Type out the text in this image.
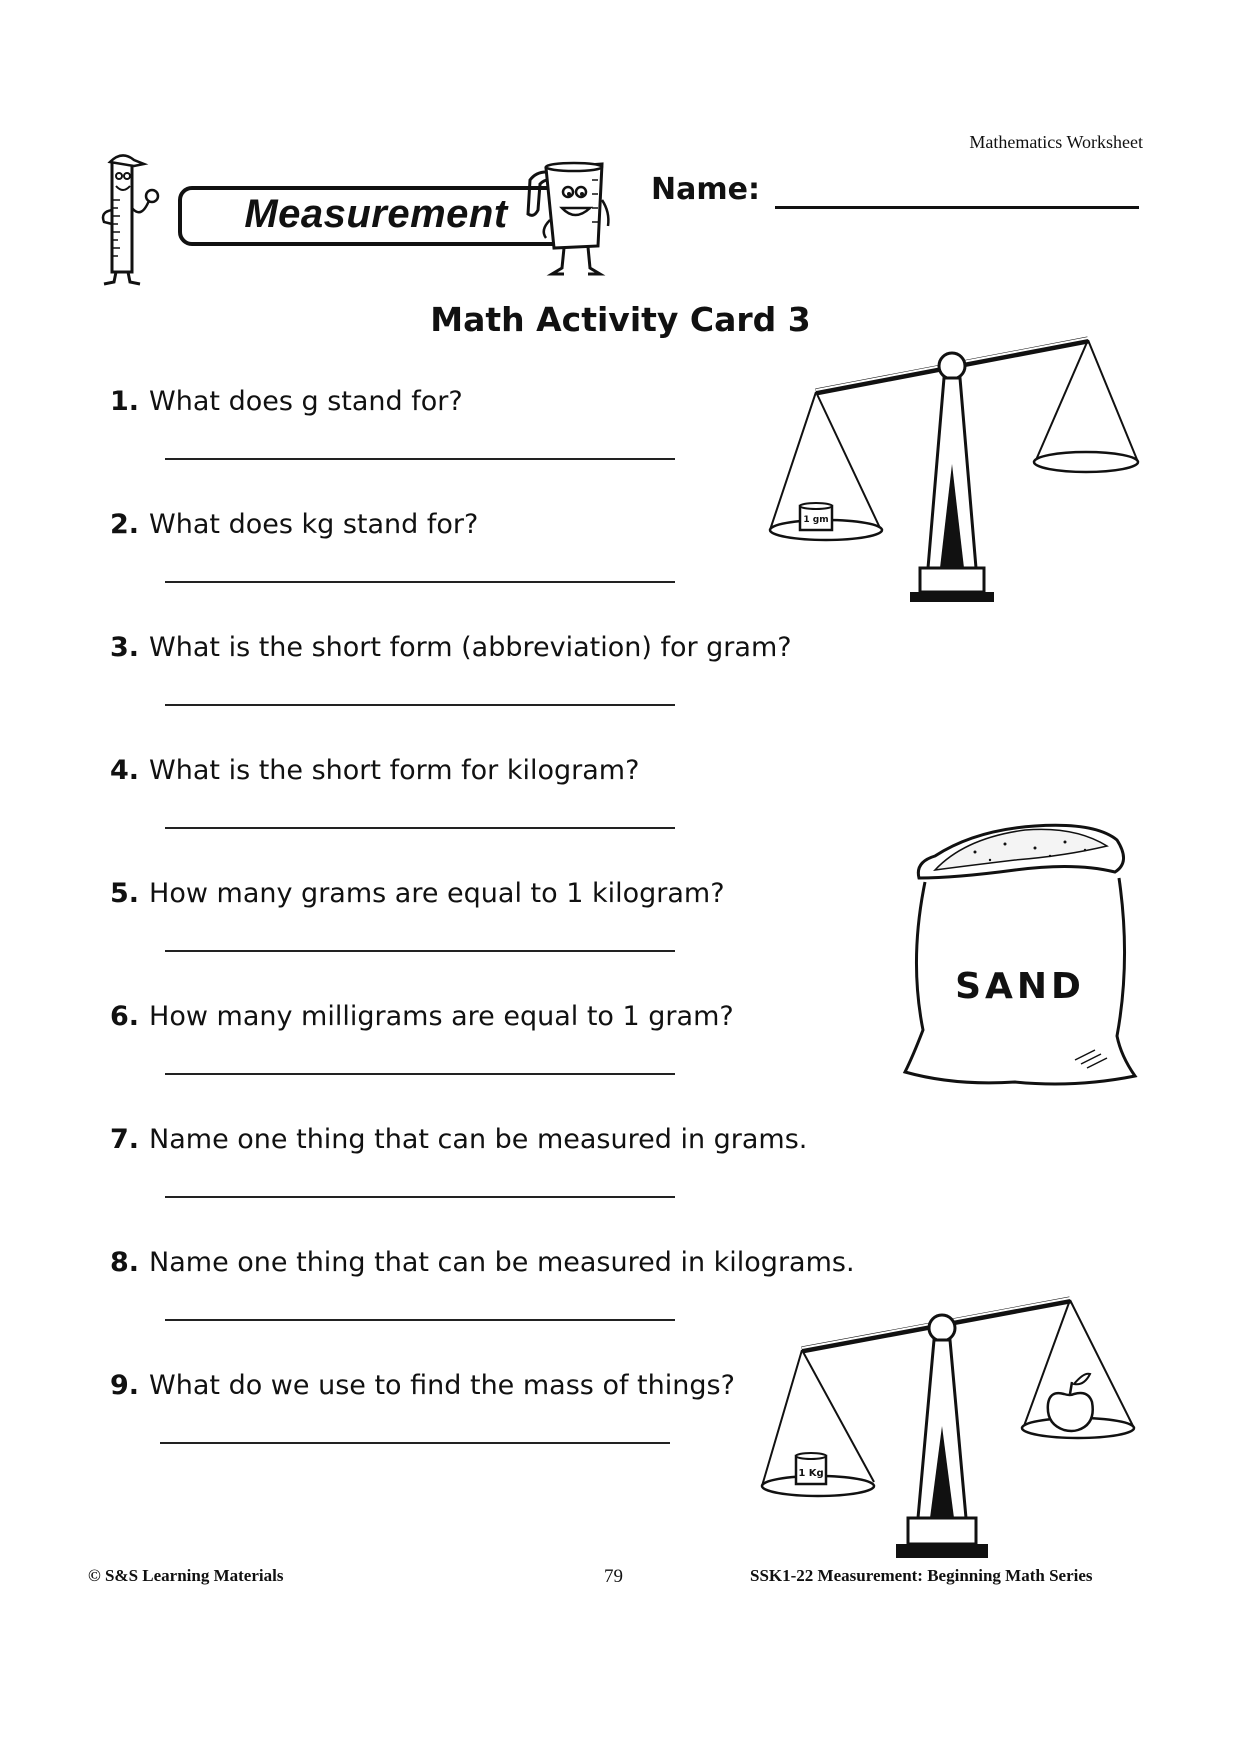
Mathematics Worksheet
Measurement
Name:
Math Activity Card 3
1. What does g stand for?
2. What does kg stand for?
3. What is the short form (abbreviation) for gram?
4. What is the short form for kilogram?
5. How many grams are equal to 1 kilogram?
6. How many milligrams are equal to 1 gram?
7. Name one thing that can be measured in grams.
8. Name one thing that can be measured in kilograms.
9. What do we use to find the mass of things?
1 gm
SAND
1 Kg
© S&S Learning Materials	79	SSK1-22 Measurement: Beginning Math Series
